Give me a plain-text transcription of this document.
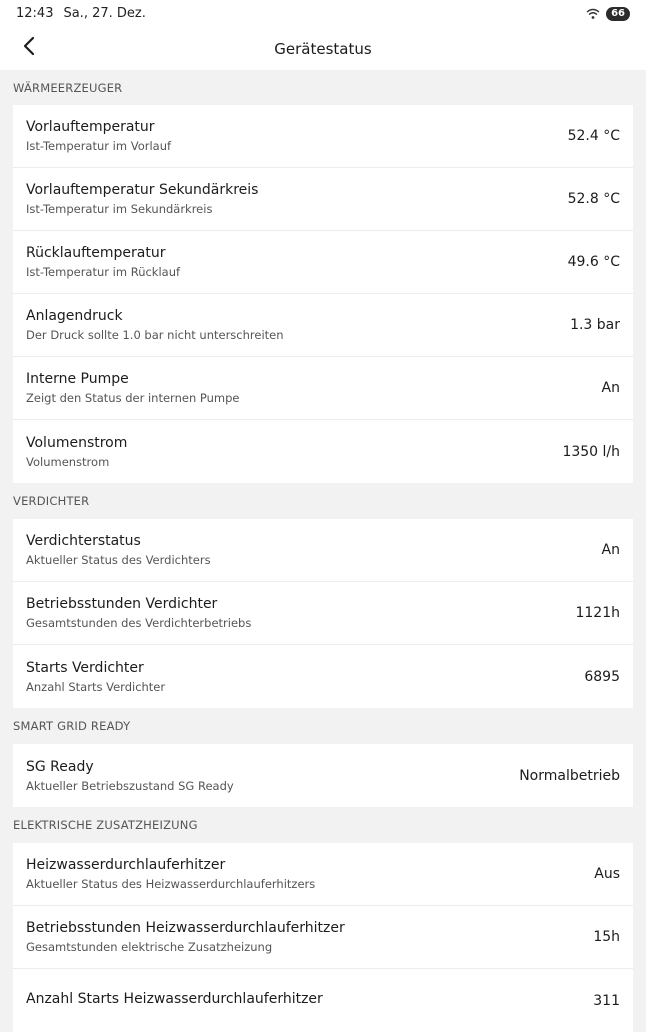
12:43 Sa., 27. Dez.	66
Gerätestatus
WÄRMEERZEUGER
Vorlauftemperatur
Ist-Temperatur im Vorlauf
52.4 °C
Vorlauftemperatur Sekundärkreis
Ist-Temperatur im Sekundärkreis
52.8 °C
Rücklauftemperatur
Ist-Temperatur im Rücklauf
49.6 °C
Anlagendruck
Der Druck sollte 1.0 bar nicht unterschreiten
1.3 bar
Interne Pumpe
Zeigt den Status der internen Pumpe
An
Volumenstrom
Volumenstrom
1350 l/h
VERDICHTER
Verdichterstatus
Aktueller Status des Verdichters
An
Betriebsstunden Verdichter
Gesamtstunden des Verdichterbetriebs
1121h
Starts Verdichter
Anzahl Starts Verdichter
6895
SMART GRID READY
SG Ready
Aktueller Betriebszustand SG Ready
Normalbetrieb
ELEKTRISCHE ZUSATZHEIZUNG
Heizwasserdurchlauferhitzer
Aktueller Status des Heizwasserdurchlauferhitzers
Aus
Betriebsstunden Heizwasserdurchlauferhitzer
Gesamtstunden elektrische Zusatzheizung
15h
Anzahl Starts Heizwasserdurchlauferhitzer	311
